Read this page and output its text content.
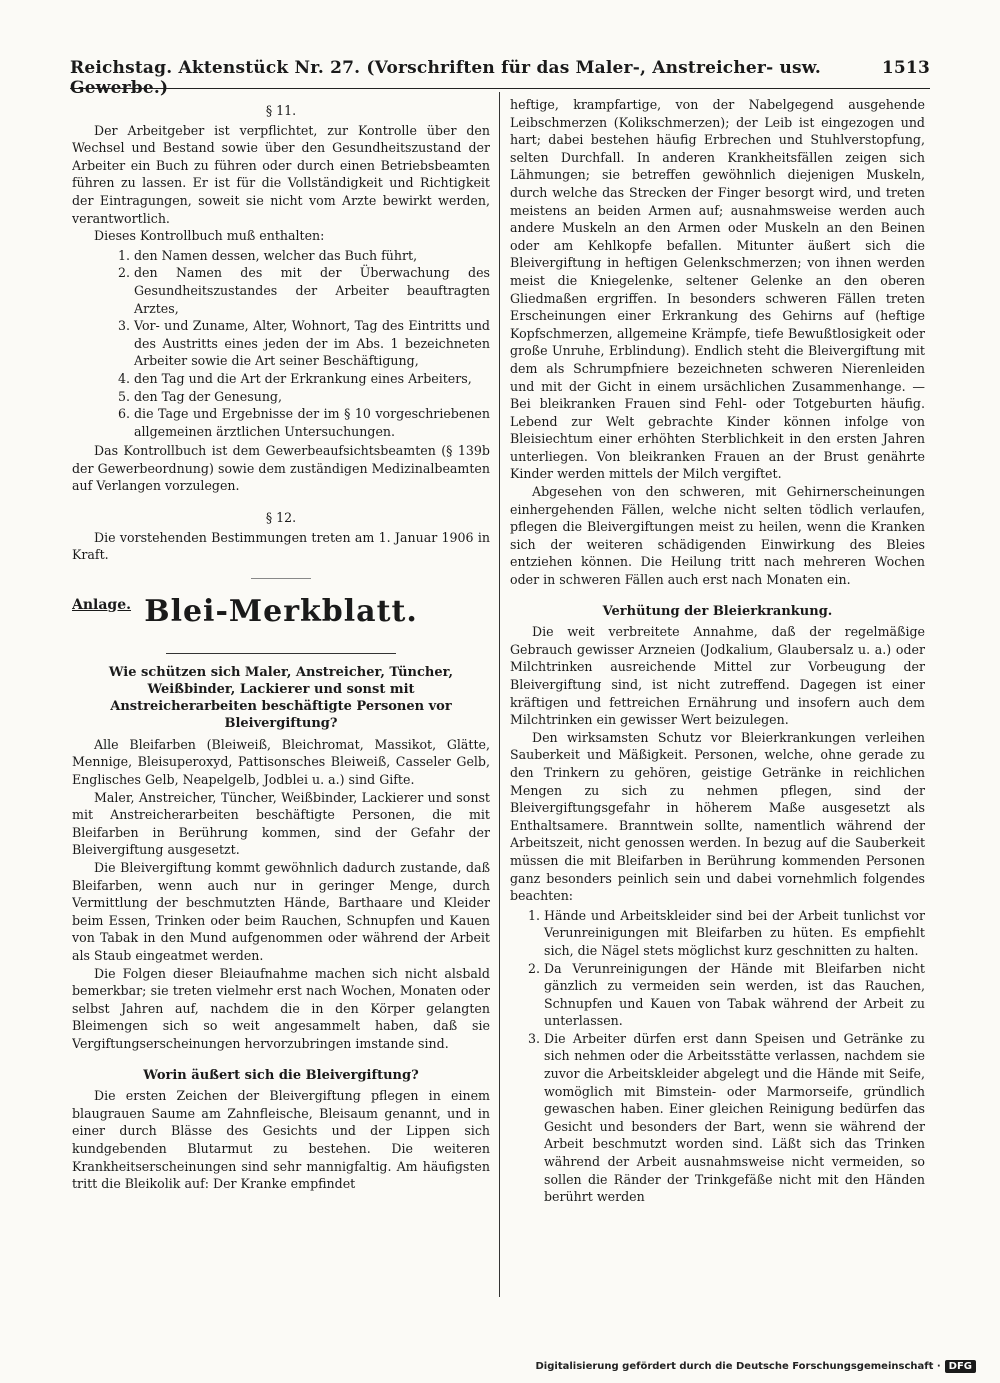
Reichstag. Aktenstück Nr. 27. (Vorschriften für das Maler-, Anstreicher- usw. Gewerbe.)
1513

§ 11.

Der Arbeitgeber ist verpflichtet, zur Kontrolle über den Wechsel und Bestand sowie über den Gesundheitszustand der Arbeiter ein Buch zu führen oder durch einen Betriebsbeamten führen zu lassen. Er ist für die Vollständigkeit und Richtigkeit der Eintragungen, soweit sie nicht vom Arzte bewirkt werden, verantwortlich.

Dieses Kontrollbuch muß enthalten:

1. den Namen dessen, welcher das Buch führt,
2. den Namen des mit der Überwachung des Gesundheitszustandes der Arbeiter beauftragten Arztes,
3. Vor- und Zuname, Alter, Wohnort, Tag des Eintritts und des Austritts eines jeden der im Abs. 1 bezeichneten Arbeiter sowie die Art seiner Beschäftigung,
4. den Tag und die Art der Erkrankung eines Arbeiters,
5. den Tag der Genesung,
6. die Tage und Ergebnisse der im § 10 vorgeschriebenen allgemeinen ärztlichen Untersuchungen.

Das Kontrollbuch ist dem Gewerbeaufsichtsbeamten (§ 139b der Gewerbeordnung) sowie dem zuständigen Medizinalbeamten auf Verlangen vorzulegen.

§ 12.

Die vorstehenden Bestimmungen treten am 1. Januar 1906 in Kraft.

Anlage. Blei-Merkblatt.

Wie schützen sich Maler, Anstreicher, Tüncher, Weißbinder, Lackierer und sonst mit Anstreicherarbeiten beschäftigte Personen vor Bleivergiftung?

Alle Bleifarben (Bleiweiß, Bleichromat, Massikot, Glätte, Mennige, Bleisuperoxyd, Pattisonsches Bleiweiß, Casseler Gelb, Englisches Gelb, Neapelgelb, Jodblei u. a.) sind Gifte.

Maler, Anstreicher, Tüncher, Weißbinder, Lackierer und sonst mit Anstreicherarbeiten beschäftigte Personen, die mit Bleifarben in Berührung kommen, sind der Gefahr der Bleivergiftung ausgesetzt.

Die Bleivergiftung kommt gewöhnlich dadurch zustande, daß Bleifarben, wenn auch nur in geringer Menge, durch Vermittlung der beschmutzten Hände, Barthaare und Kleider beim Essen, Trinken oder beim Rauchen, Schnupfen und Kauen von Tabak in den Mund aufgenommen oder während der Arbeit als Staub eingeatmet werden.

Die Folgen dieser Bleiaufnahme machen sich nicht alsbald bemerkbar; sie treten vielmehr erst nach Wochen, Monaten oder selbst Jahren auf, nachdem die in den Körper gelangten Bleimengen sich so weit angesammelt haben, daß sie Vergiftungserscheinungen hervorzubringen imstande sind.

Worin äußert sich die Bleivergiftung?

Die ersten Zeichen der Bleivergiftung pflegen in einem blaugrauen Saume am Zahnfleische, Bleisaum genannt, und in einer durch Blässe des Gesichts und der Lippen sich kundgebenden Blutarmut zu bestehen. Die weiteren Krankheitserscheinungen sind sehr mannigfaltig. Am häufigsten tritt die Bleikolik auf: Der Kranke empfindet

heftige, krampfartige, von der Nabelgegend ausgehende Leibschmerzen (Kolikschmerzen); der Leib ist eingezogen und hart; dabei bestehen häufig Erbrechen und Stuhlverstopfung, selten Durchfall. In anderen Krankheitsfällen zeigen sich Lähmungen; sie betreffen gewöhnlich diejenigen Muskeln, durch welche das Strecken der Finger besorgt wird, und treten meistens an beiden Armen auf; ausnahmsweise werden auch andere Muskeln an den Armen oder Muskeln an den Beinen oder am Kehlkopfe befallen. Mitunter äußert sich die Bleivergiftung in heftigen Gelenkschmerzen; von ihnen werden meist die Kniegelenke, seltener Gelenke an den oberen Gliedmaßen ergriffen. In besonders schweren Fällen treten Erscheinungen einer Erkrankung des Gehirns auf (heftige Kopfschmerzen, allgemeine Krämpfe, tiefe Bewußtlosigkeit oder große Unruhe, Erblindung). Endlich steht die Bleivergiftung mit dem als Schrumpfniere bezeichneten schweren Nierenleiden und mit der Gicht in einem ursächlichen Zusammenhange. — Bei bleikranken Frauen sind Fehl- oder Totgeburten häufig. Lebend zur Welt gebrachte Kinder können infolge von Bleisiechtum einer erhöhten Sterblichkeit in den ersten Jahren unterliegen. Von bleikranken Frauen an der Brust genährte Kinder werden mittels der Milch vergiftet.

Abgesehen von den schweren, mit Gehirnerscheinungen einhergehenden Fällen, welche nicht selten tödlich verlaufen, pflegen die Bleivergiftungen meist zu heilen, wenn die Kranken sich der weiteren schädigenden Einwirkung des Bleies entziehen können. Die Heilung tritt nach mehreren Wochen oder in schweren Fällen auch erst nach Monaten ein.

Verhütung der Bleierkrankung.

Die weit verbreitete Annahme, daß der regelmäßige Gebrauch gewisser Arzneien (Jodkalium, Glaubersalz u. a.) oder Milchtrinken ausreichende Mittel zur Vorbeugung der Bleivergiftung sind, ist nicht zutreffend. Dagegen ist einer kräftigen und fettreichen Ernährung und insofern auch dem Milchtrinken ein gewisser Wert beizulegen.

Den wirksamsten Schutz vor Bleierkrankungen verleihen Sauberkeit und Mäßigkeit. Personen, welche, ohne gerade zu den Trinkern zu gehören, geistige Getränke in reichlichen Mengen zu sich zu nehmen pflegen, sind der Bleivergiftungsgefahr in höherem Maße ausgesetzt als Enthaltsamere. Branntwein sollte, namentlich während der Arbeitszeit, nicht genossen werden. In bezug auf die Sauberkeit müssen die mit Bleifarben in Berührung kommenden Personen ganz besonders peinlich sein und dabei vornehmlich folgendes beachten:

1. Hände und Arbeitskleider sind bei der Arbeit tunlichst vor Verunreinigungen mit Bleifarben zu hüten. Es empfiehlt sich, die Nägel stets möglichst kurz geschnitten zu halten.
2. Da Verunreinigungen der Hände mit Bleifarben nicht gänzlich zu vermeiden sein werden, ist das Rauchen, Schnupfen und Kauen von Tabak während der Arbeit zu unterlassen.
3. Die Arbeiter dürfen erst dann Speisen und Getränke zu sich nehmen oder die Arbeitsstätte verlassen, nachdem sie zuvor die Arbeitskleider abgelegt und die Hände mit Seife, womöglich mit Bimstein- oder Marmorseife, gründlich gewaschen haben. Einer gleichen Reinigung bedürfen das Gesicht und besonders der Bart, wenn sie während der Arbeit beschmutzt worden sind. Läßt sich das Trinken während der Arbeit ausnahmsweise nicht vermeiden, so sollen die Ränder der Trinkgefäße nicht mit den Händen berührt werden
Digitalisierung gefördert durch die Deutsche Forschungsgemeinschaft · DFG
